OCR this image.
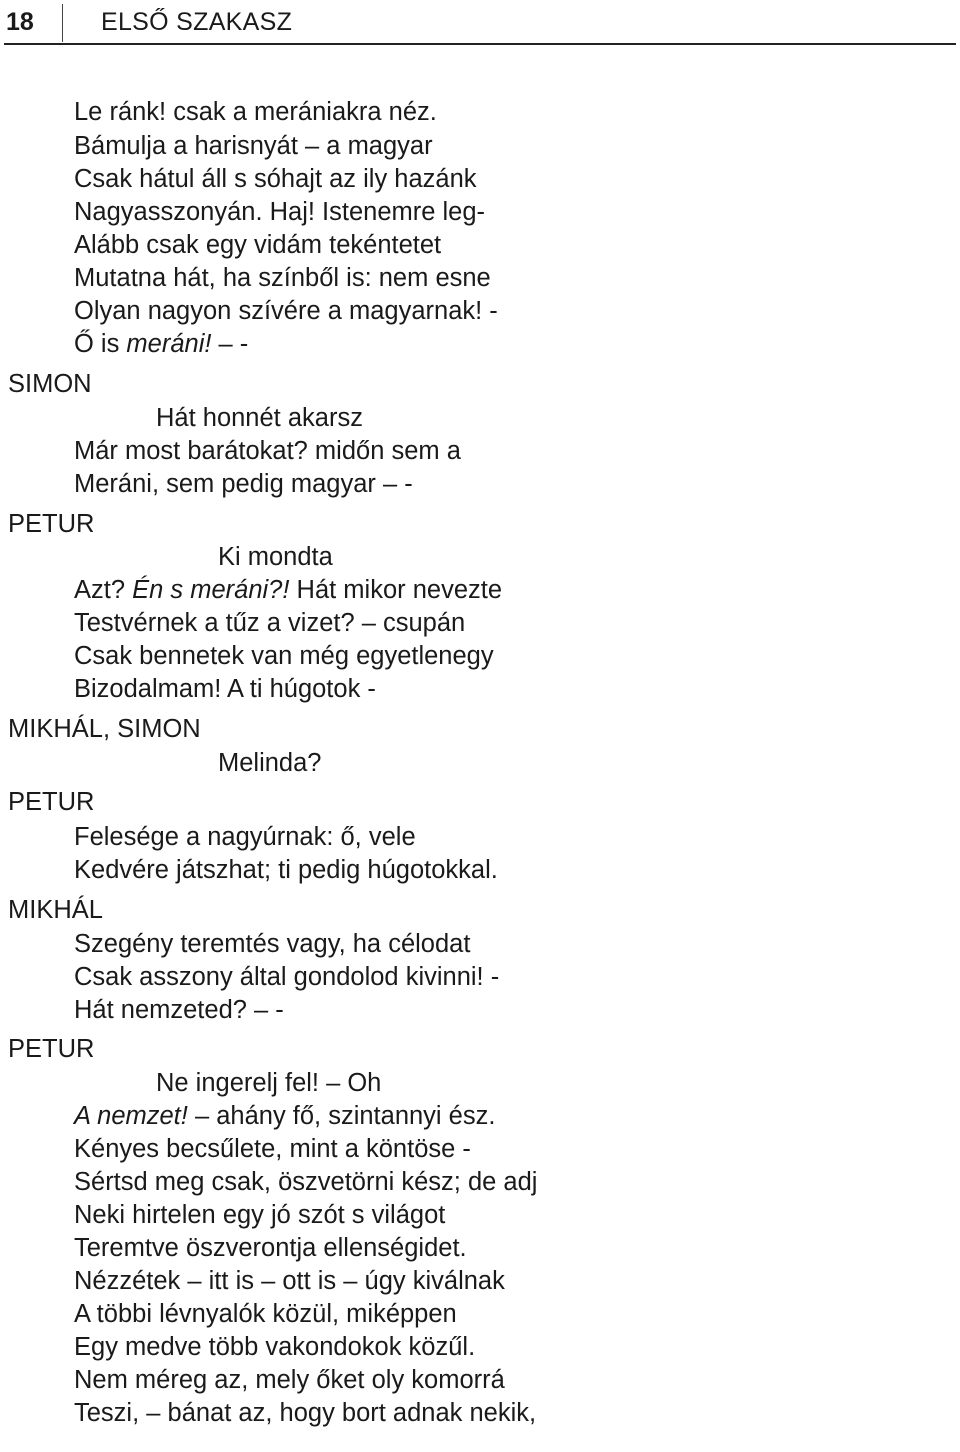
18	ELSŐ SZAKASZ
Le ránk! csak a merániakra néz.
Bámulja a harisnyát – a magyar
Csak hátul áll s sóhajt az ily hazánk
Nagyasszonyán. Haj! Istenemre leg-
Alább csak egy vidám tekéntetet
Mutatna hát, ha színből is: nem esne
Olyan nagyon szívére a magyarnak! -
Ő is meráni! – -
SIMON
Hát honnét akarsz
Már most barátokat? midőn sem a
Meráni, sem pedig magyar – -
PETUR
Ki mondta
Azt? Én s meráni?! Hát mikor nevezte
Testvérnek a tűz a vizet? – csupán
Csak bennetek van még egyetlenegy
Bizodalmam! A ti húgotok -
MIKHÁL, SIMON
Melinda?
PETUR
Felesége a nagyúrnak: ő, vele
Kedvére játszhat; ti pedig húgotokkal.
MIKHÁL
Szegény teremtés vagy, ha célodat
Csak asszony által gondolod kivinni! -
Hát nemzeted? – -
PETUR
Ne ingerelj fel! – Oh
A nemzet! – ahány fő, szintannyi ész.
Kényes becsűlete, mint a köntöse -
Sértsd meg csak, öszvetörni kész; de adj
Neki hirtelen egy jó szót s világot
Teremtve öszverontja ellenségidet.
Nézzétek – itt is – ott is – úgy kiválnak
A többi lévnyalók közül, miképpen
Egy medve több vakondokok közűl.
Nem méreg az, mely őket oly komorrá
Teszi, – bánat az, hogy bort adnak nekik,
